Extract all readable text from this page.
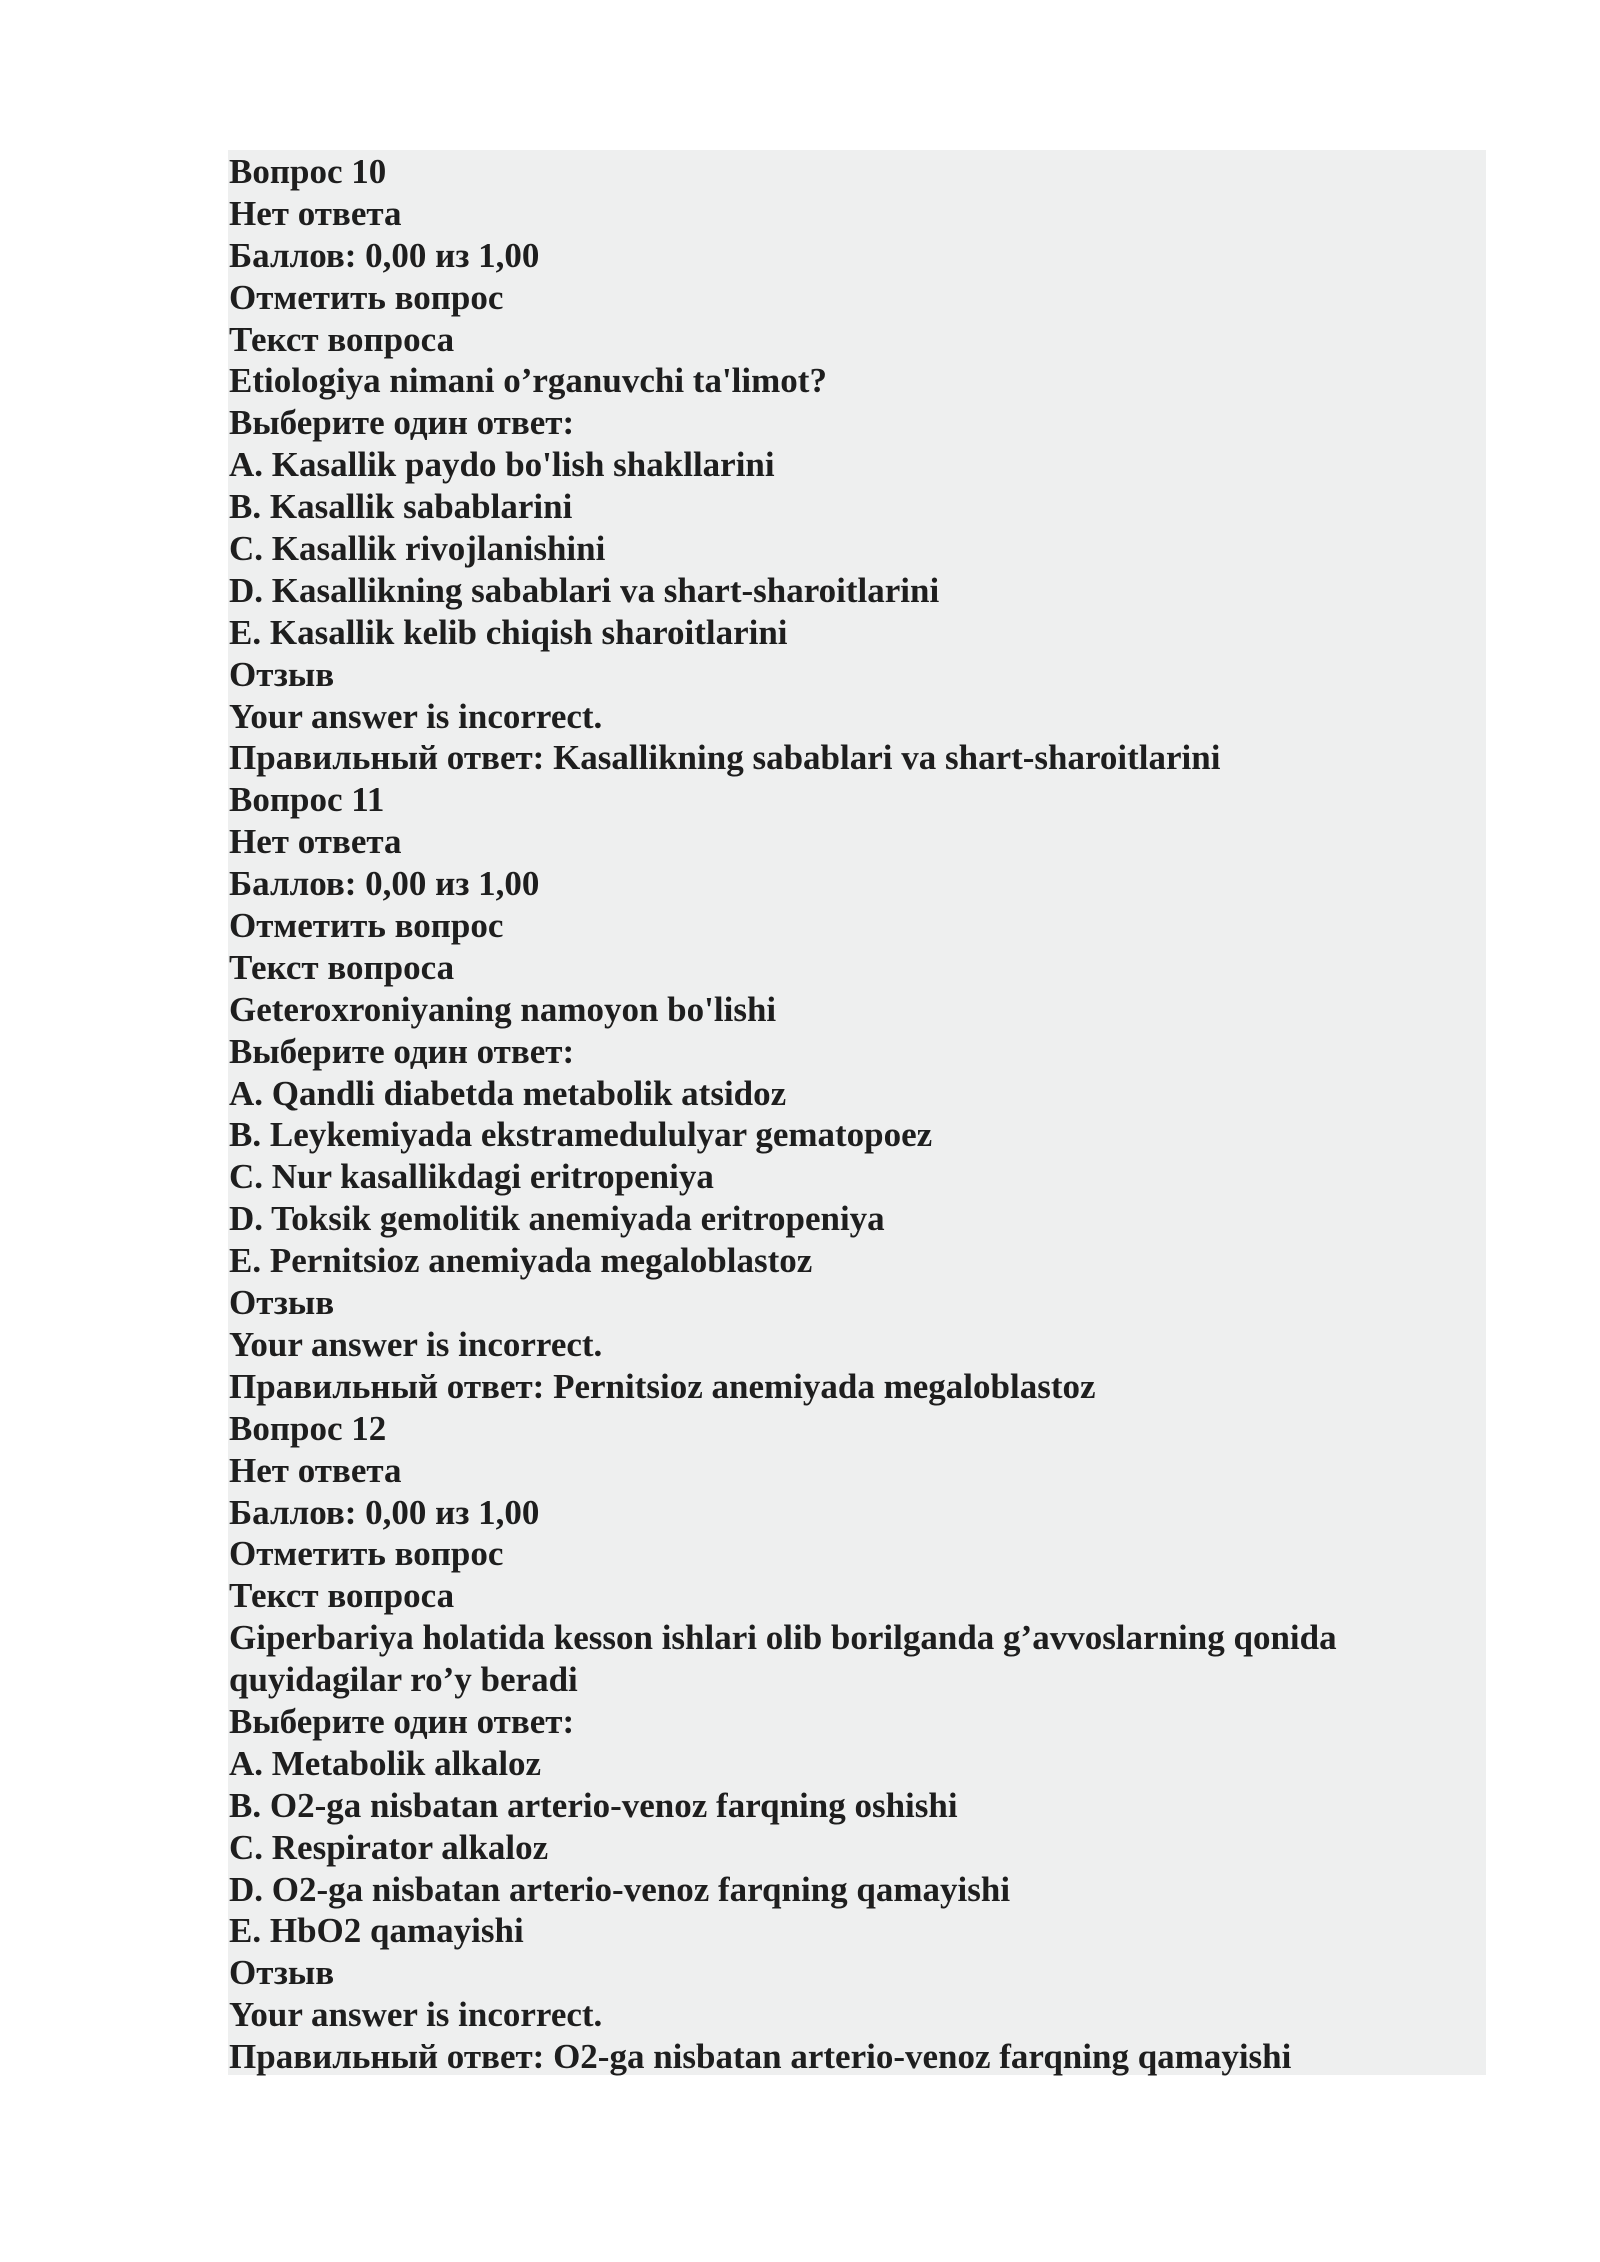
Вопрос 10
Нет ответа
Баллов: 0,00 из 1,00
Отметить вопрос
Текст вопроса
Etiologiya nimani o’rganuvchi ta'limot?
Выберите один ответ:
A. Kasallik paydo bo'lish shakllarini
B. Kasallik sabablarini
C. Kasallik rivojlanishini
D. Kasallikning sabablari va shart-sharoitlarini
E. Kasallik kelib chiqish sharoitlarini
Отзыв
Your answer is incorrect.
Правильный ответ: Kasallikning sabablari va shart-sharoitlarini
Вопрос 11
Нет ответа
Баллов: 0,00 из 1,00
Отметить вопрос
Текст вопроса
Geteroxroniyaning namoyon bo'lishi
Выберите один ответ:
A. Qandli diabetda metabolik atsidoz
B. Leykemiyada ekstramedululyar gematopoez
C. Nur kasallikdagi eritropeniya
D. Toksik gemolitik anemiyada eritropeniya
E. Pernitsioz anemiyada megaloblastoz
Отзыв
Your answer is incorrect.
Правильный ответ: Pernitsioz anemiyada megaloblastoz
Вопрос 12
Нет ответа
Баллов: 0,00 из 1,00
Отметить вопрос
Текст вопроса
Giperbariya holatida kesson ishlari olib borilganda g’avvoslarning qonida quyidagilar ro’y beradi
Выберите один ответ:
A. Metabolik alkaloz
B. O2-ga nisbatan arterio-venoz farqning oshishi
C. Respirator alkaloz
D. O2-ga nisbatan arterio-venoz farqning qamayishi
E. HbO2 qamayishi
Отзыв
Your answer is incorrect.
Правильный ответ: O2-ga nisbatan arterio-venoz farqning qamayishi
